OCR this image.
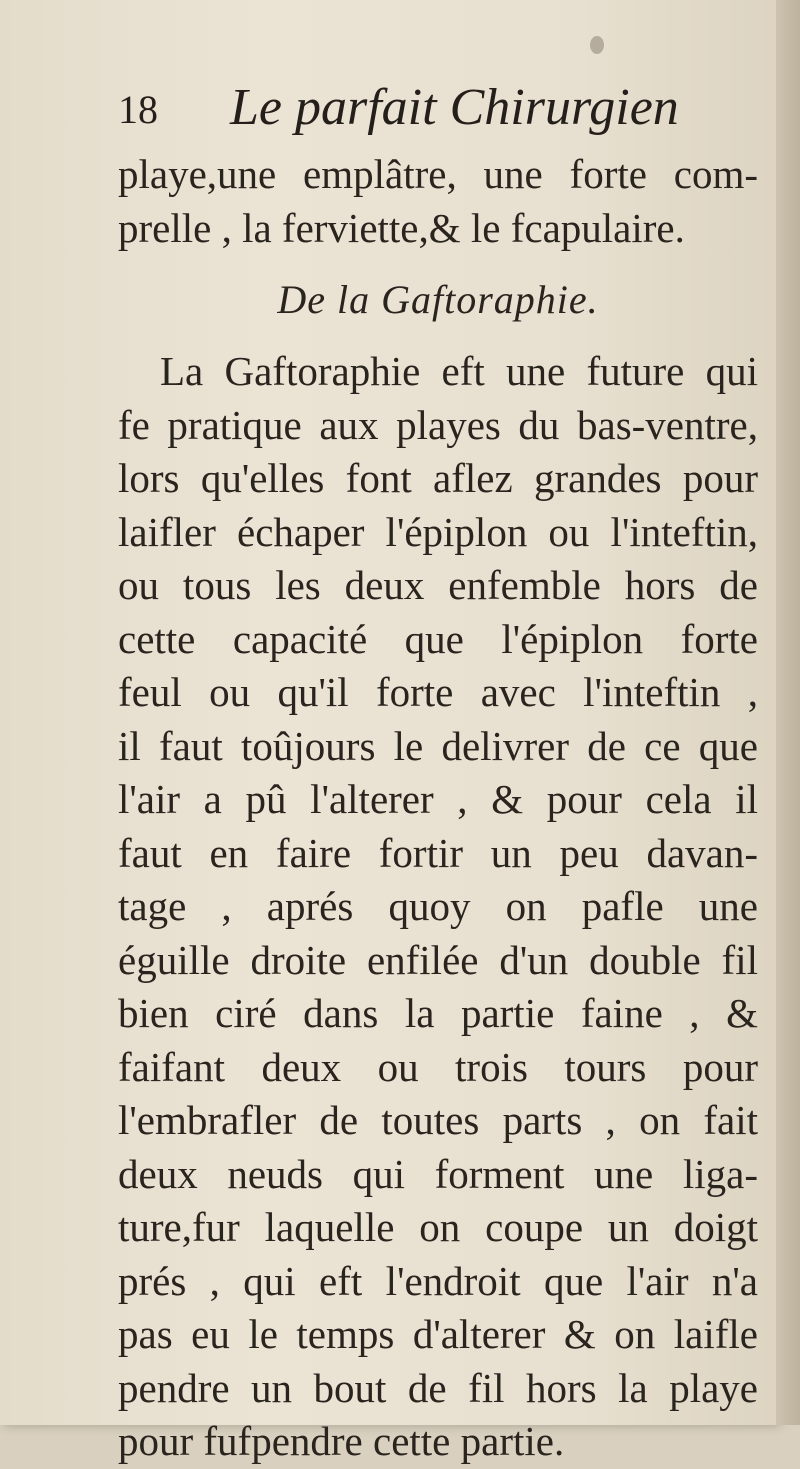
18 Le parfait Chirurgien
playe,une emplâtre, une forte com-
prelle , la ferviette,& le fcapulaire.
De la Gaftoraphie.
La Gaftoraphie eft une future qui
fe pratique aux playes du bas-ventre,
lors qu'elles font aflez grandes pour
laifler échaper l'épiplon ou l'inteftin,
ou tous les deux enfemble hors de
cette capacité que l'épiplon forte
feul ou qu'il forte avec l'inteftin ,
il faut toûjours le delivrer de ce que
l'air a pû l'alterer , & pour cela il
faut en faire fortir un peu davan-
tage , aprés quoy on pafle une
éguille droite enfilée d'un double fil
bien ciré dans la partie faine , &
faifant deux ou trois tours pour
l'embrafler de toutes parts , on fait
deux neuds qui forment une liga-
ture,fur laquelle on coupe un doigt
prés , qui eft l'endroit que l'air n'a
pas eu le temps d'alterer & on laifle
pendre un bout de fil hors la playe
pour fufpendre cette partie.
